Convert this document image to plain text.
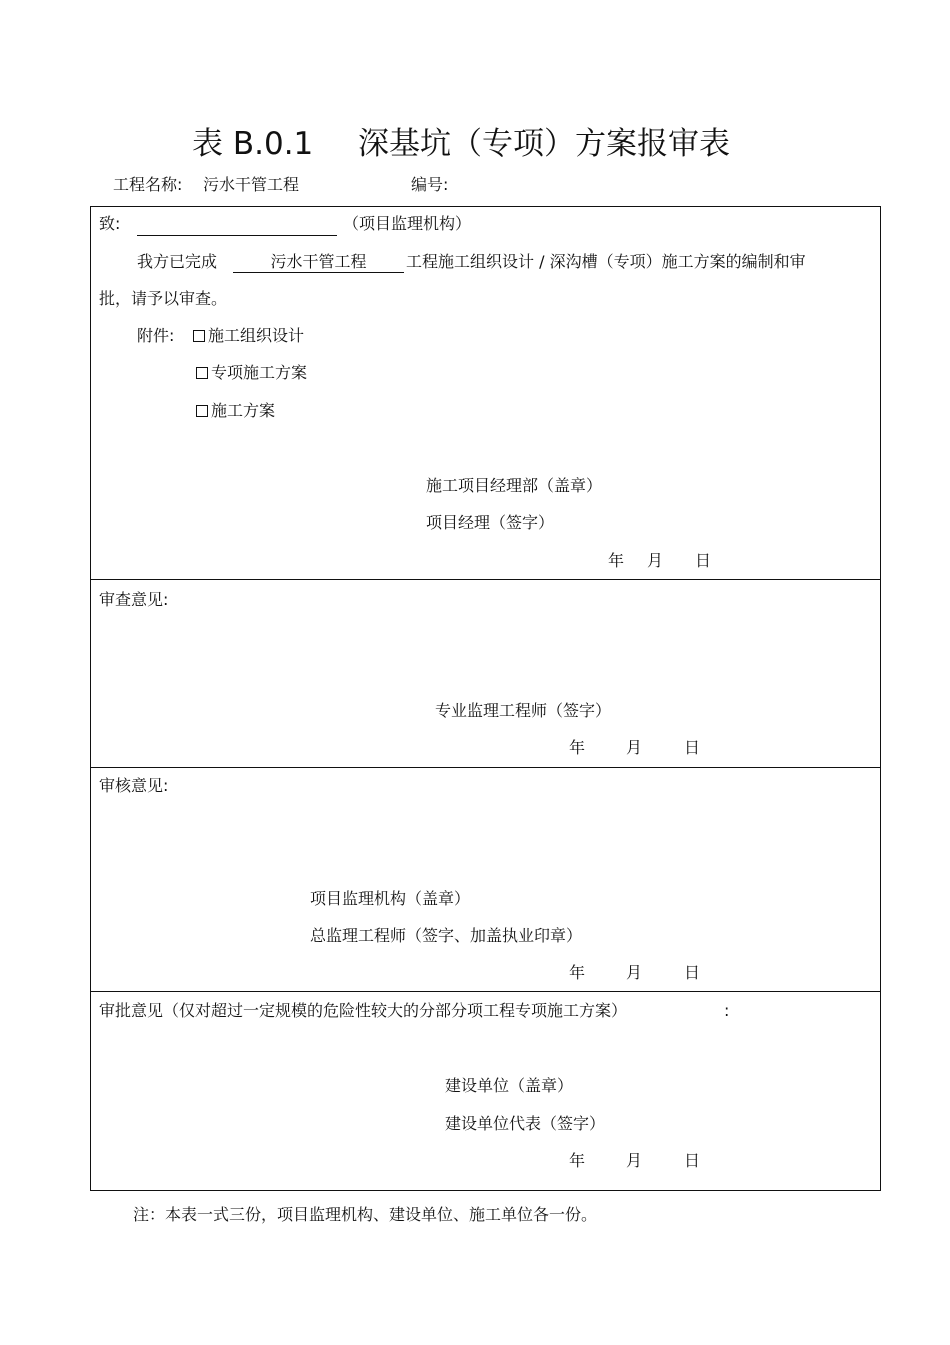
表 B.0.1 深基坑（专项）方案报审表
工程名称: 污水干管工程	编号:
致:	（项目监理机构）
我方已完成	污水干管工程	工程施工组织设计 / 深沟槽（专项）施工方案的编制和审
批，请予以审查。
附件:	施工组织设计
专项施工方案
施工方案
施工项目经理部（盖章）
项目经理（签字）
年 月 日
审查意见:
专业监理工程师（签字）
年	月	日
审核意见:
项目监理机构（盖章）
总监理工程师（签字、加盖执业印章）
年	月	日
审批意见（仅对超过一定规模的危险性较大的分部分项工程专项施工方案）	:
建设单位（盖章）
建设单位代表（签字）
年	月	日
注：本表一式三份，项目监理机构、建设单位、施工单位各一份。
